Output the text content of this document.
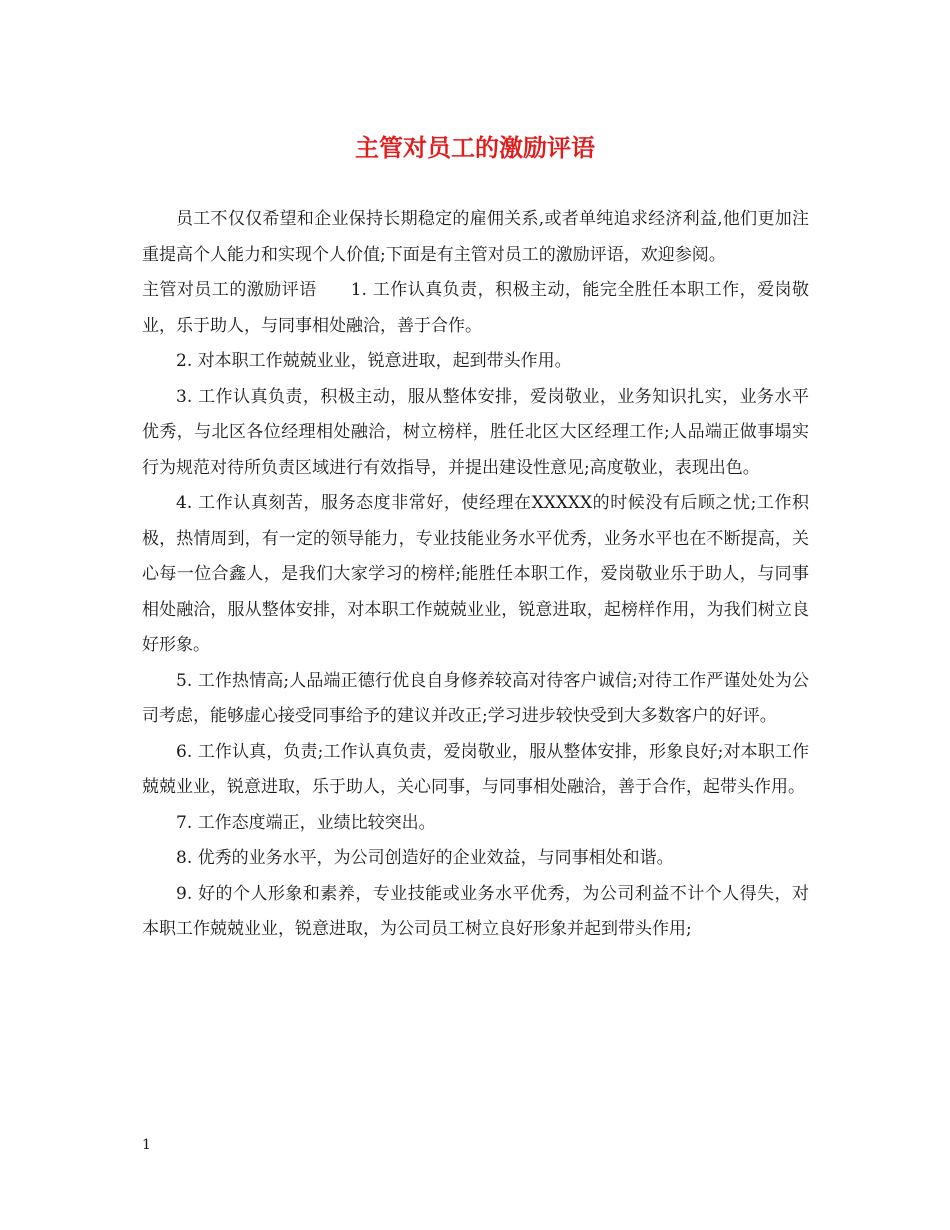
主管对员工的激励评语

员工不仅仅希望和企业保持长期稳定的雇佣关系,或者单纯追求经济利益,他们更加注重提高个人能力和实现个人价值;下面是有主管对员工的激励评语，欢迎参阅。

主管对员工的激励评语 1. 工作认真负责，积极主动，能完全胜任本职工作，爱岗敬业，乐于助人，与同事相处融洽，善于合作。

2. 对本职工作兢兢业业，锐意进取，起到带头作用。

3. 工作认真负责，积极主动，服从整体安排，爱岗敬业，业务知识扎实，业务水平优秀，与北区各位经理相处融洽，树立榜样，胜任北区大区经理工作;人品端正做事塌实行为规范对待所负责区域进行有效指导，并提出建设性意见;高度敬业，表现出色。

4. 工作认真刻苦，服务态度非常好，使经理在XXXXX的时候没有后顾之忧;工作积极，热情周到，有一定的领导能力，专业技能业务水平优秀，业务水平也在不断提高，关心每一位合鑫人，是我们大家学习的榜样;能胜任本职工作，爱岗敬业乐于助人，与同事相处融洽，服从整体安排，对本职工作兢兢业业，锐意进取，起榜样作用，为我们树立良好形象。

5. 工作热情高;人品端正德行优良自身修养较高对待客户诚信;对待工作严谨处处为公司考虑，能够虚心接受同事给予的建议并改正;学习进步较快受到大多数客户的好评。

6. 工作认真，负责;工作认真负责，爱岗敬业，服从整体安排，形象良好;对本职工作兢兢业业，锐意进取，乐于助人，关心同事，与同事相处融洽，善于合作，起带头作用。

7. 工作态度端正，业绩比较突出。

8. 优秀的业务水平，为公司创造好的企业效益，与同事相处和谐。

9. 好的个人形象和素养，专业技能或业务水平优秀，为公司利益不计个人得失，对本职工作兢兢业业，锐意进取，为公司员工树立良好形象并起到带头作用;

1
